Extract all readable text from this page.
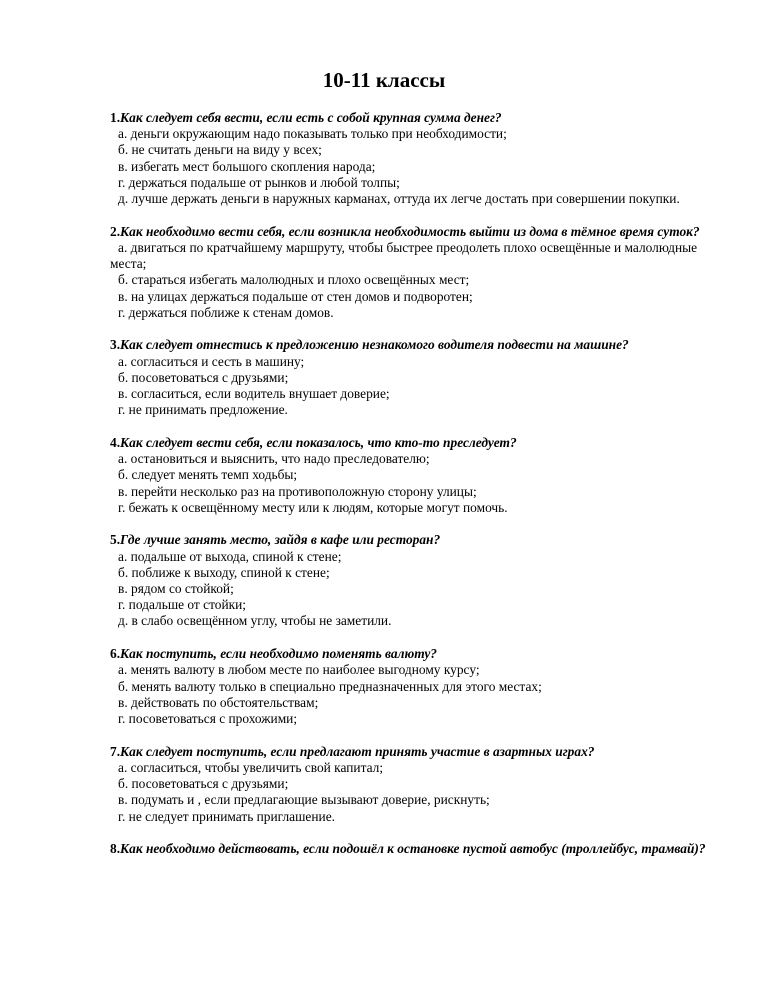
10-11 классы

1.Как следует себя вести, если есть с собой крупная сумма денег?

а. деньги окружающим надо показывать только при необходимости;

б. не считать деньги на виду у всех;

в. избегать мест большого скопления народа;

г. держаться подальше от рынков и любой толпы;

д. лучше держать деньги в наружных карманах, оттуда их легче достать при совершении покупки.

2.Как необходимо вести себя, если возникла необходимость выйти из дома в тёмное время суток?

а. двигаться по кратчайшему маршруту, чтобы быстрее преодолеть плохо освещённые и малолюдные места;

б. стараться избегать малолюдных и плохо освещённых мест;

в. на улицах держаться подальше от стен домов и подворотен;

г. держаться поближе к стенам домов.

3.Как следует отнестись к предложению незнакомого водителя подвести на машине?

а. согласиться и сесть в машину;

б. посоветоваться с друзьями;

в. согласиться, если водитель внушает доверие;

г. не принимать предложение.

4.Как следует вести себя, если показалось, что кто-то преследует?

а. остановиться и выяснить, что надо преследователю;

б. следует менять темп ходьбы;

в. перейти несколько раз на противоположную сторону улицы;

г. бежать к освещённому месту или к людям, которые могут помочь.

5.Где лучше занять место, зайдя в кафе или ресторан?

а. подальше от выхода, спиной к стене;

б. поближе к выходу, спиной к стене;

в. рядом со стойкой;

г. подальше от стойки;

д. в слабо освещённом углу, чтобы не заметили.

6.Как поступить, если необходимо поменять валюту?

а. менять валюту в любом месте по наиболее выгодному курсу;

б. менять валюту только в специально предназначенных для этого местах;

в. действовать по обстоятельствам;

г. посоветоваться с прохожими;

7.Как следует поступить, если предлагают принять участие в азартных играх?

а. согласиться, чтобы увеличить свой капитал;

б. посоветоваться с друзьями;

в. подумать и , если предлагающие вызывают доверие, рискнуть;

г. не следует принимать приглашение.

8.Как необходимо действовать, если подошёл к остановке пустой автобус (троллейбус, трамвай)?
